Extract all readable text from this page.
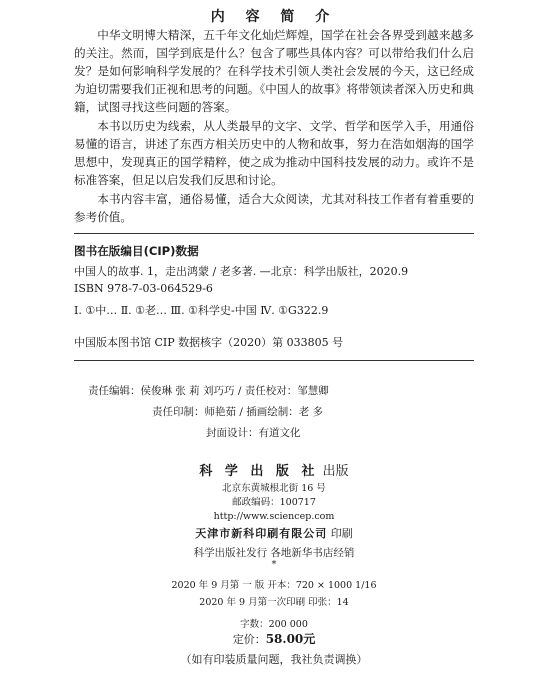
内 容 简 介

中华文明博大精深，五千年文化灿烂辉煌，国学在社会各界受到越来越多的关注。然而，国学到底是什么？包含了哪些具体内容？可以带给我们什么启发？是如何影响科学发展的？在科学技术引领人类社会发展的今天，这已经成为迫切需要我们正视和思考的问题。《中国人的故事》将带领读者深入历史和典籍，试图寻找这些问题的答案。

本书以历史为线索，从人类最早的文字、文学、哲学和医学入手，用通俗易懂的语言，讲述了东西方相关历史中的人物和故事，努力在浩如烟海的国学思想中，发现真正的国学精粹，使之成为推动中国科技发展的动力。或许不是标准答案，但足以启发我们反思和讨论。

本书内容丰富，通俗易懂，适合大众阅读，尤其对科技工作者有着重要的参考价值。

图书在版编目(CIP)数据
中国人的故事. 1，走出鸿蒙 / 老多著. —北京：科学出版社，2020.9
ISBN 978-7-03-064529-6
Ⅰ. ①中… Ⅱ. ①老… Ⅲ. ①科学史-中国 Ⅳ. ①G322.9
中国版本图书馆 CIP 数据核字（2020）第 033805 号
责任编辑：侯俊琳 张 莉 刘巧巧 / 责任校对：邹慧卿
责任印制：师艳茹 / 插画绘制：老 多
封面设计：有道文化
科 学 出 版 社 出版
北京东黄城根北街 16 号
邮政编码：100717
http://www.sciencep.com
天津市新科印刷有限公司 印刷
科学出版社发行 各地新华书店经销
*
2020 年 9 月第 一 版 开本：720 × 1000 1/16
2020 年 9 月第一次印刷 印张：14
字数：200 000
定价：58.00元
（如有印装质量问题，我社负责调换）
